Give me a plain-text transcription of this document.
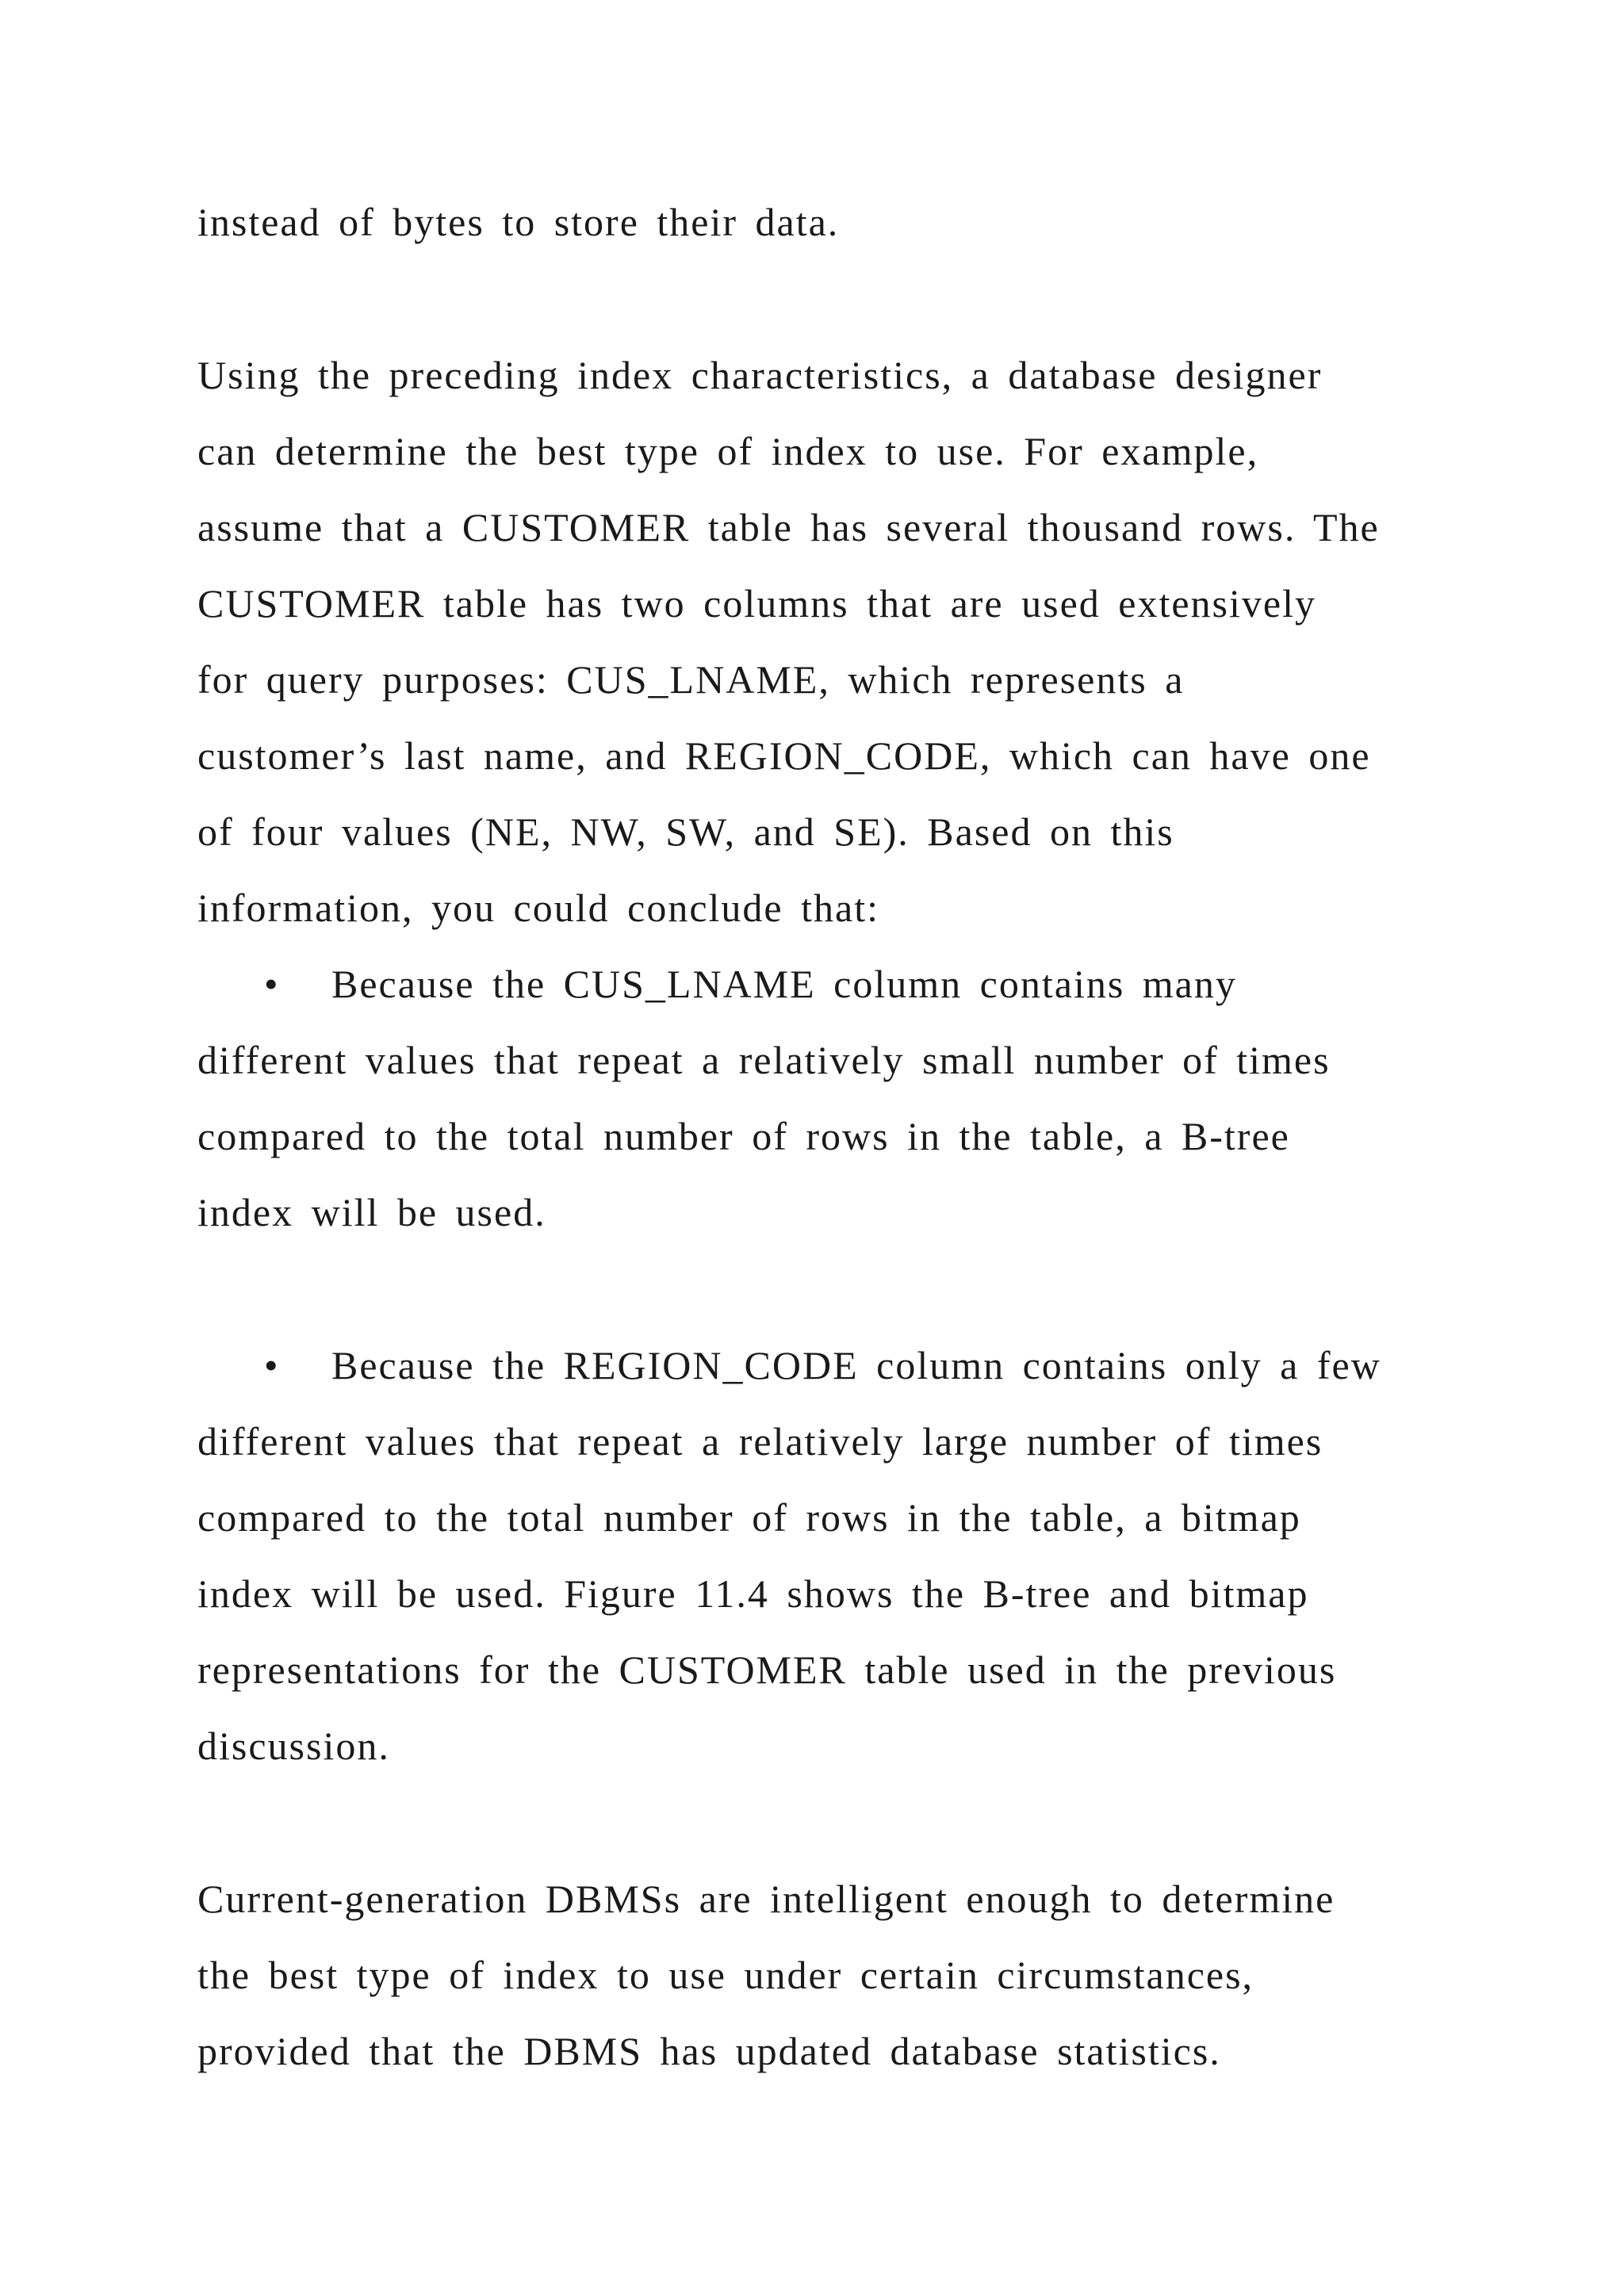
instead of bytes to store their data.
Using the preceding index characteristics, a database designer
can determine the best type of index to use. For example,
assume that a CUSTOMER table has several thousand rows. The
CUSTOMER table has two columns that are used extensively
for query purposes: CUS_LNAME, which represents a
customer’s last name, and REGION_CODE, which can have one
of four values (NE, NW, SW, and SE). Based on this
information, you could conclude that:
• Because the CUS_LNAME column contains many
different values that repeat a relatively small number of times
compared to the total number of rows in the table, a B-tree
index will be used.
• Because the REGION_CODE column contains only a few
different values that repeat a relatively large number of times
compared to the total number of rows in the table, a bitmap
index will be used. Figure 11.4 shows the B-tree and bitmap
representations for the CUSTOMER table used in the previous
discussion.
Current-generation DBMSs are intelligent enough to determine
the best type of index to use under certain circumstances,
provided that the DBMS has updated database statistics.
